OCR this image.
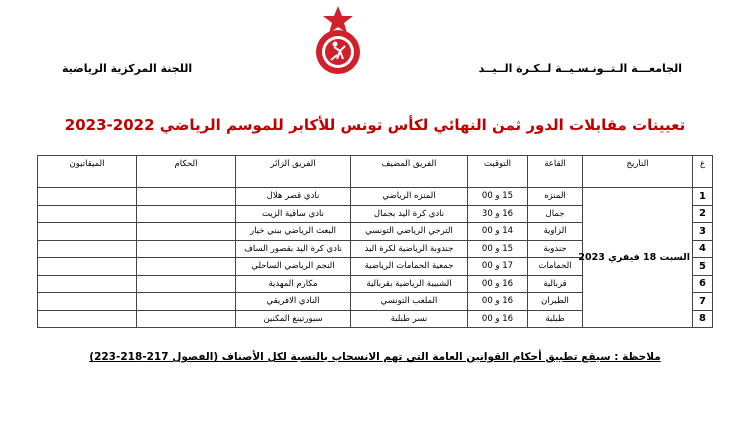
الجامعـــة الـتــونـسـيــة لــكـرة الــيــد
اللجنة المركزية الرياضية
تعيينات مقابلات الدور ثمن النهائي لكأس تونس للأكابر للموسم الرياضي 2022-2023
ع	التاريخ	القاعة	التوقيت	الفريق المضيف	الفريق الزائر	الحكام	الميقاتيون
1	السبت 18 فيفري 2023	المنزه	15 و 00	المنزه الرياضي	نادي قصر هلال		
2		جمال	16 و 30	نادي كرة اليد بجمال	نادي ساقية الزيت		
3		الزاوية	14 و 00	الترجي الرياضي التونسي	البعث الرياضي ببني خيار		
4		جندوبة	15 و 00	جندوبة الرياضية لكرة اليد	نادي كرة اليد بقصور الساف		
5		الحمامات	17 و 00	جمعية الحمامات الرياضية	النجم الرياضي الساحلي		
6		قربالية	16 و 00	الشبيبة الرياضية بقربالية	مكارم المهدية		
7		الطيران	16 و 00	الملعب التونسي	النادي الافريقي		
8		طبلبة	16 و 00	نسر طبلبة	سبورتينغ المكنين		
ملاحظة : سيقع تطبيق أحكام القوانين العامة التي تهم الانسحاب بالنسبة لكل الأصناف (الفصول 217-218-223)
